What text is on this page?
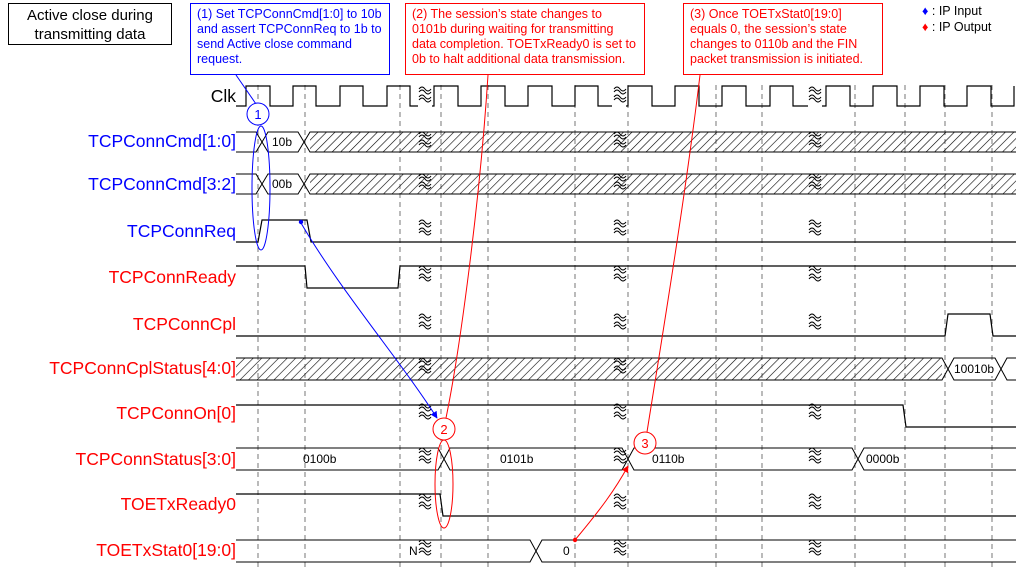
1
2
3
Active close during transmitting data
(1) Set TCPConnCmd[1:0] to 10b and assert TCPConnReq to 1b to send Active close command request.
(2) The session’s state changes to 0101b during waiting for transmitting data completion. TOETxReady0 is set to 0b to halt additional data transmission.
(3) Once TOETxStat0[19:0] equals 0, the session’s state changes to 0110b and the FIN packet transmission is initiated.
♦ : IP Input
♦ : IP Output
Clk
TCPConnCmd[1:0]
TCPConnCmd[3:2]
TCPConnReq
TCPConnReady
TCPConnCpl
TCPConnCplStatus[4:0]
TCPConnOn[0]
TCPConnStatus[3:0]
TOETxReady0
TOETxStat0[19:0]
10b
00b
10010b
0100b	0101b	0110b	0000b
N	0
